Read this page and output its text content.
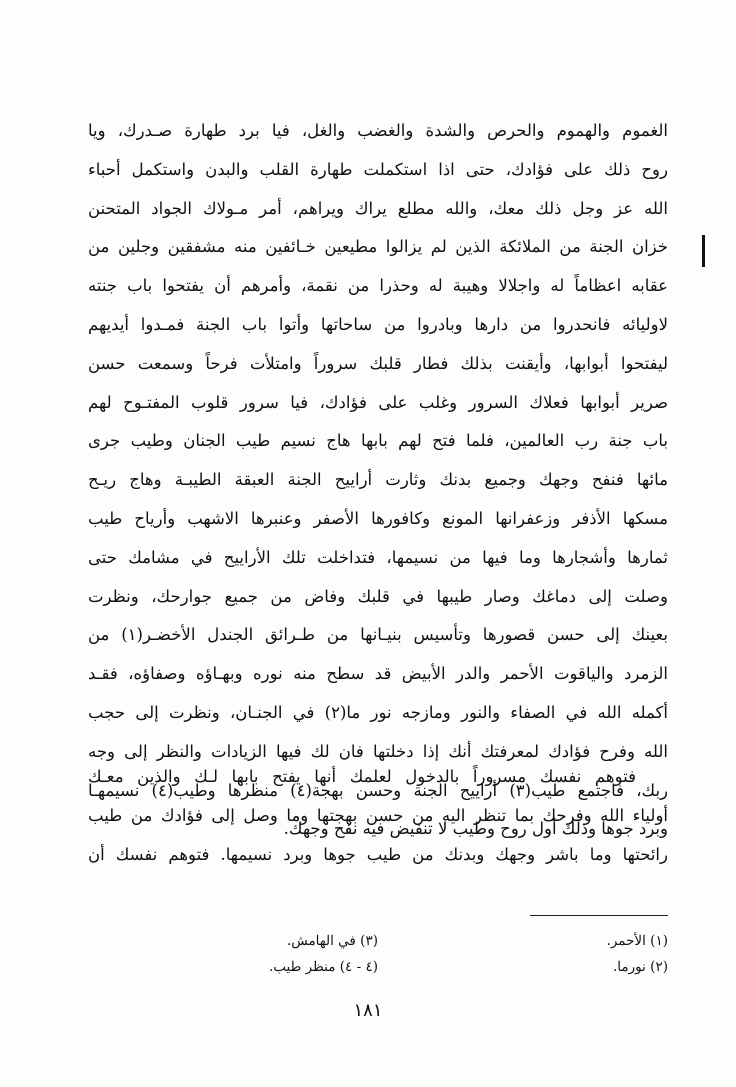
الغموم والهموم والحرص والشدة والغضب والغل، فيا برد طهارة صـدرك، ويا
روح ذلك على فؤادك، حتى اذا استكملت طهارة القلب والبدن واستكمل أحباء
الله عز وجل ذلك معك، والله مطلع يراك ويراهم، أمر مـولاك الجواد المتحنن
خزان الجنة من الملائكة الذين لم يزالوا مطيعين خـائفين منه مشفقين وجلين من
عقابه اعظاماً له واجلالا وهيبة له وحذرا من نقمة، وأمرهم أن يفتحوا باب جنته
لاوليائه فانحدروا من دارها وبادروا من ساحاتها وأتوا باب الجنة فمـدوا أيديهم
ليفتحوا أبوابها، وأيقنت بذلك فطار قلبك سروراً وامتلأت فرحاً وسمعت حسن
صرير أبوابها فعلاك السرور وغلب على فؤادك، فيا سرور قلوب المفتـوح لهم
باب جنة رب العالمين، فلما فتح لهم بابها هاج نسيم طيب الجنان وطيب جرى
مائها فنفح وجهك وجميع بدنك وثارت أراييح الجنة العبقة الطيبـة وهاج ريـح
مسكها الأذفر وزعفرانها المونع وكافورها الأصفر وعنبرها الاشهب وأرياح طيب
ثمارها وأشجارها وما فيها من نسيمها، فتداخلت تلك الأراييح في مشامك حتى
وصلت إلى دماغك وصار طيبها في قلبك وفاض من جميع جوارحك، ونظرت
بعينك إلى حسن قصورها وتأسيس بنيـانها من طـرائق الجندل الأخضـر(١) من
الزمرد والياقوت الأحمر والدر الأبيض قد سطح منه نوره وبهـاؤه وصفاؤه، فقـد
أكمله الله في الصفاء والنور ومازجه نور ما(٢) في الجنـان، ونظرت إلى حجب
الله وفرح فؤادك لمعرفتك أنك إذا دخلتها فان لك فيها الزيادات والنظر إلى وجه
ربك، فاجتمع طيب(٣) أراييح الجنة وحسن بهجة(٤) منظرها وطيب(٤) نسيمهـا
وبرد جوها وذلك أول روح وطيب لا تنفيض فيه نفح وجهك.
فتوهم نفسك مسروراً بالدخول لعلمك أنها يفتح بابها لـك والذين معـك
أولياء الله وفرحك بما تنظر اليه من حسن بهجتها وما وصل إلى فؤادك من طيب
رائحتها وما باشر وجهك وبدنك من طيب جوها وبرد نسيمها. فتوهم نفسك أن
(١) الأحمر.
(٢) نورما.
(٣) في الهامش.
(٤ - ٤) منظر طيب.
١٨١
